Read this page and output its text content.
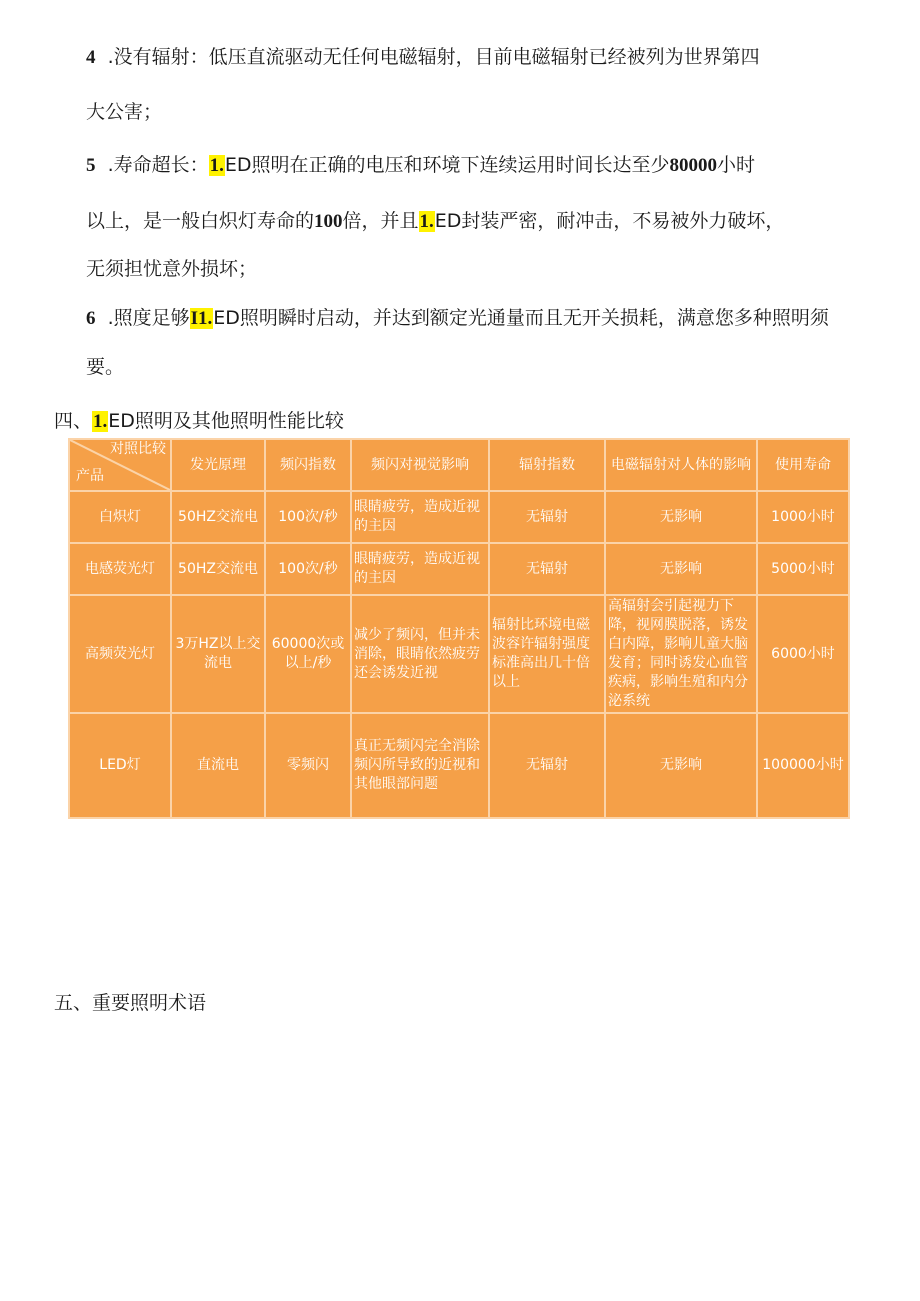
4 .没有辐射：低压直流驱动无任何电磁辐射，目前电磁辐射已经被列为世界第四
大公害；
5 .寿命超长：1.ED照明在正确的电压和环境下连续运用时间长达至少80000小时
以上，是一般白炽灯寿命的100倍，并且1.ED封装严密，耐冲击，不易被外力破坏，
无须担忧意外损坏；
6 .照度足够I1.ED照明瞬时启动，并达到额定光通量而且无开关损耗，满意您多种照明须
要。
四、1.ED照明及其他照明性能比较
对照比较
产品	发光原理	频闪指数	频闪对视觉影响	辐射指数	电磁辐射对人体的影响	使用寿命
白炽灯	50HZ交流电	100次/秒	眼睛疲劳，造成近视的主因	无辐射	无影响	1000小时
电感荧光灯	50HZ交流电	100次/秒	眼睛疲劳，造成近视的主因	无辐射	无影响	5000小时
高频荧光灯	3万HZ以上交流电	60000次或以上/秒	减少了频闪，但并未消除，眼睛依然疲劳还会诱发近视	辐射比环境电磁波容许辐射强度标准高出几十倍以上	高辐射会引起视力下降，视网膜脱落，诱发白内障，影响儿童大脑发育；同时诱发心血管疾病，影响生殖和内分泌系统	6000小时
LED灯	直流电	零频闪	真正无频闪完全消除频闪所导致的近视和其他眼部问题	无辐射	无影响	100000小时
五、重要照明术语
